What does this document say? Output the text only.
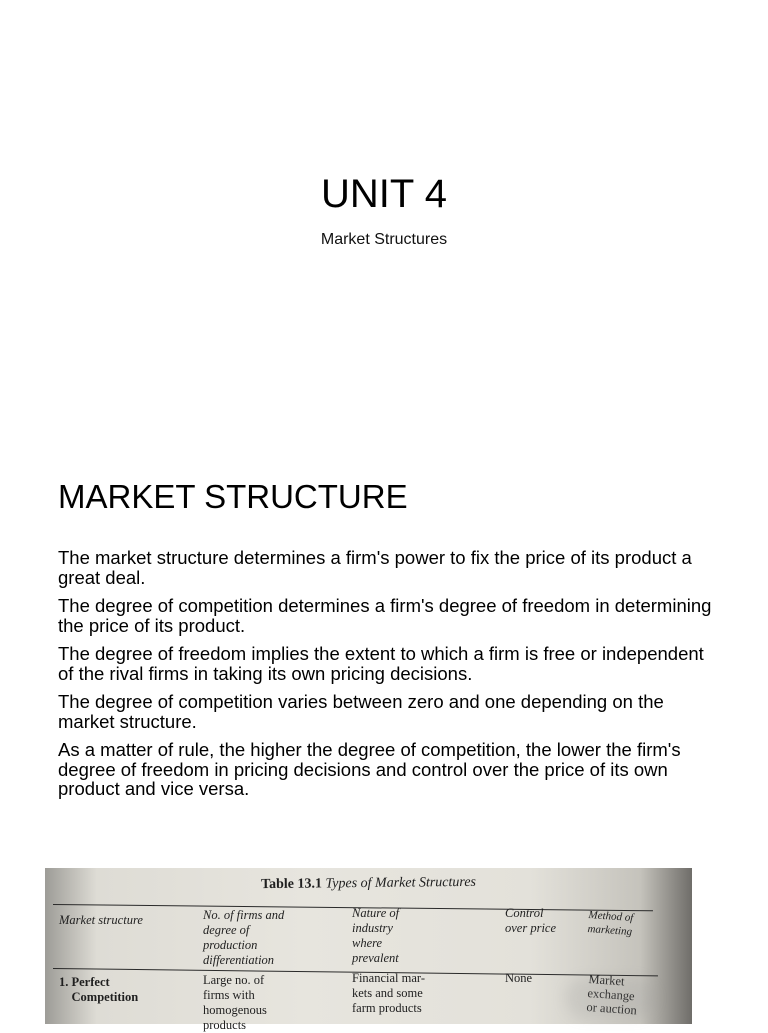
UNIT 4
Market Structures
MARKET STRUCTURE
The market structure determines a firm's power to fix the price of its product a great deal.
The degree of competition determines a firm's degree of freedom in determining the price of its product.
The degree of freedom implies the extent to which a firm is free or independent of the rival firms in taking its own pricing decisions.
The degree of competition varies between zero and one depending on the market structure.
As a matter of rule, the higher the degree of competition, the lower the firm's degree of freedom in pricing decisions and control over the price of its own product and vice versa.
Table 13.1 Types of Market Structures
Market structure	No. of firms and
degree of
production
differentiation
Nature of
industry
where
prevalent
Control
over price
Method of
marketing
1. Perfect
Competition
Large no. of
firms with
homogenous
products
Financial mar-
kets and some
farm products
None	Market
exchange
or auction
